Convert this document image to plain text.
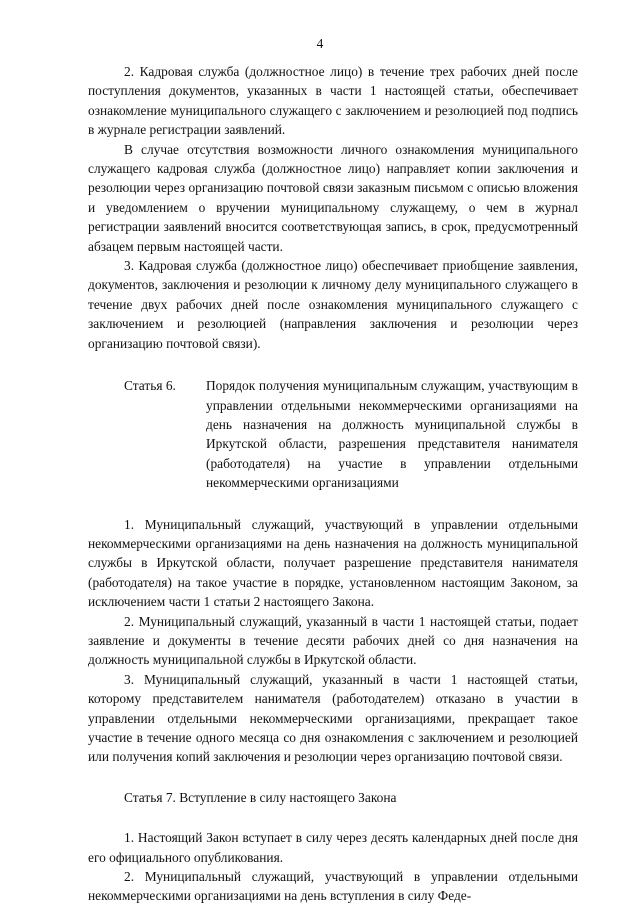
4

2. Кадровая служба (должностное лицо) в течение трех рабочих дней после поступления документов, указанных в части 1 настоящей статьи, обеспечивает ознакомление муниципального служащего с заключением и резолюцией под подпись в журнале регистрации заявлений.

В случае отсутствия возможности личного ознакомления муниципального служащего кадровая служба (должностное лицо) направляет копии заключения и резолюции через организацию почтовой связи заказным письмом с описью вложения и уведомлением о вручении муниципальному служащему, о чем в журнал регистрации заявлений вносится соответствующая запись, в срок, предусмотренный абзацем первым настоящей части.

3. Кадровая служба (должностное лицо) обеспечивает приобщение заявления, документов, заключения и резолюции к личному делу муниципального служащего в течение двух рабочих дней после ознакомления муниципального служащего с заключением и резолюцией (направления заключения и резолюции через организацию почтовой связи).

Статья 6. Порядок получения муниципальным служащим, участвующим в управлении отдельными некоммерческими организациями на день назначения на должность муниципальной службы в Иркутской области, разрешения представителя нанимателя (работодателя) на участие в управлении отдельными некоммерческими организациями

1. Муниципальный служащий, участвующий в управлении отдельными некоммерческими организациями на день назначения на должность муниципальной службы в Иркутской области, получает разрешение представителя нанимателя (работодателя) на такое участие в порядке, установленном настоящим Законом, за исключением части 1 статьи 2 настоящего Закона.

2. Муниципальный служащий, указанный в части 1 настоящей статьи, подает заявление и документы в течение десяти рабочих дней со дня назначения на должность муниципальной службы в Иркутской области.

3. Муниципальный служащий, указанный в части 1 настоящей статьи, которому представителем нанимателя (работодателем) отказано в участии в управлении отдельными некоммерческими организациями, прекращает такое участие в течение одного месяца со дня ознакомления с заключением и резолюцией или получения копий заключения и резолюции через организацию почтовой связи.

Статья 7. Вступление в силу настоящего Закона

1. Настоящий Закон вступает в силу через десять календарных дней после дня его официального опубликования.

2. Муниципальный служащий, участвующий в управлении отдельными некоммерческими организациями на день вступления в силу Феде-
